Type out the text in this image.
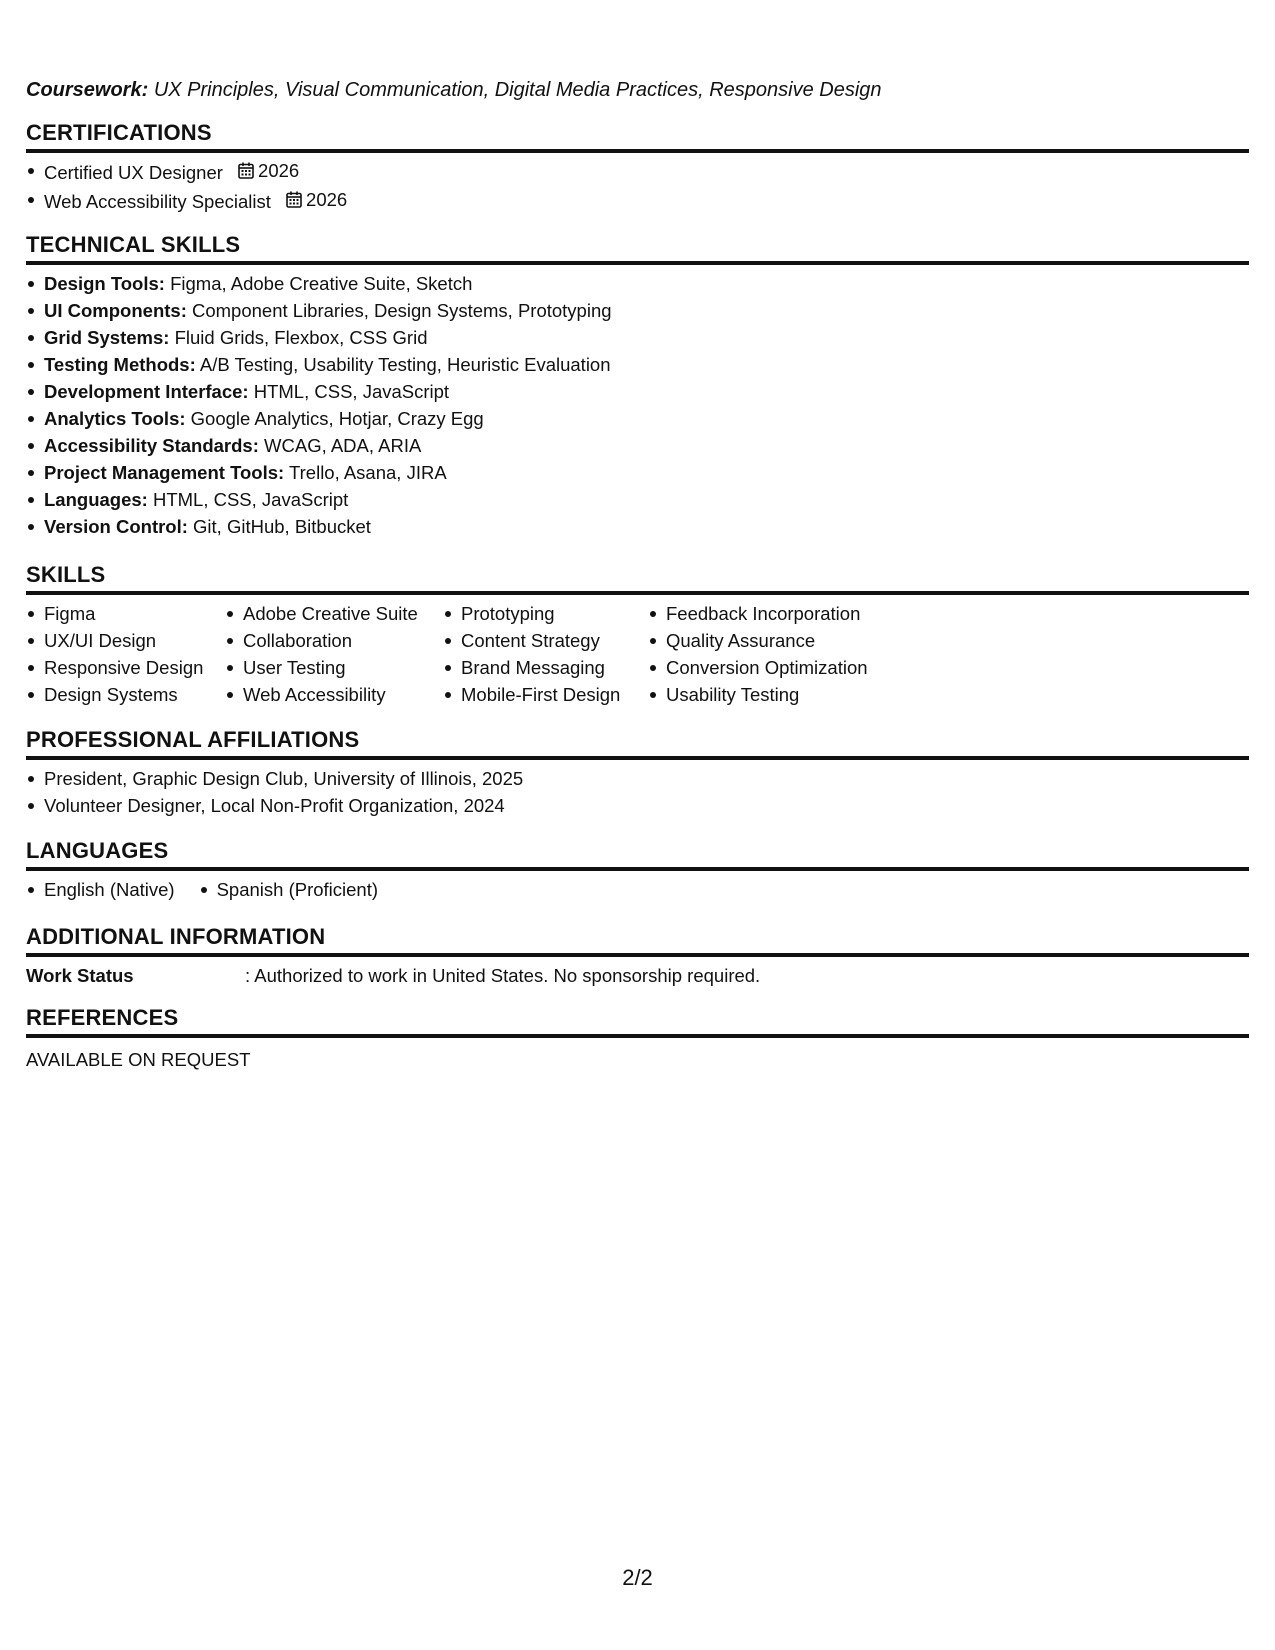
Coursework: UX Principles, Visual Communication, Digital Media Practices, Responsive Design
CERTIFICATIONS
Certified UX Designer 2026
Web Accessibility Specialist 2026
TECHNICAL SKILLS
Design Tools: Figma, Adobe Creative Suite, Sketch
UI Components: Component Libraries, Design Systems, Prototyping
Grid Systems: Fluid Grids, Flexbox, CSS Grid
Testing Methods: A/B Testing, Usability Testing, Heuristic Evaluation
Development Interface: HTML, CSS, JavaScript
Analytics Tools: Google Analytics, Hotjar, Crazy Egg
Accessibility Standards: WCAG, ADA, ARIA
Project Management Tools: Trello, Asana, JIRA
Languages: HTML, CSS, JavaScript
Version Control: Git, GitHub, Bitbucket
SKILLS
Figma
UX/UI Design
Responsive Design
Design Systems
Adobe Creative Suite
Collaboration
User Testing
Web Accessibility
Prototyping
Content Strategy
Brand Messaging
Mobile-First Design
Feedback Incorporation
Quality Assurance
Conversion Optimization
Usability Testing
PROFESSIONAL AFFILIATIONS
President, Graphic Design Club, University of Illinois, 2025
Volunteer Designer, Local Non-Profit Organization, 2024
LANGUAGES
English (Native)	Spanish (Proficient)
ADDITIONAL INFORMATION
Work Status	: Authorized to work in United States. No sponsorship required.
REFERENCES
AVAILABLE ON REQUEST
2/2
